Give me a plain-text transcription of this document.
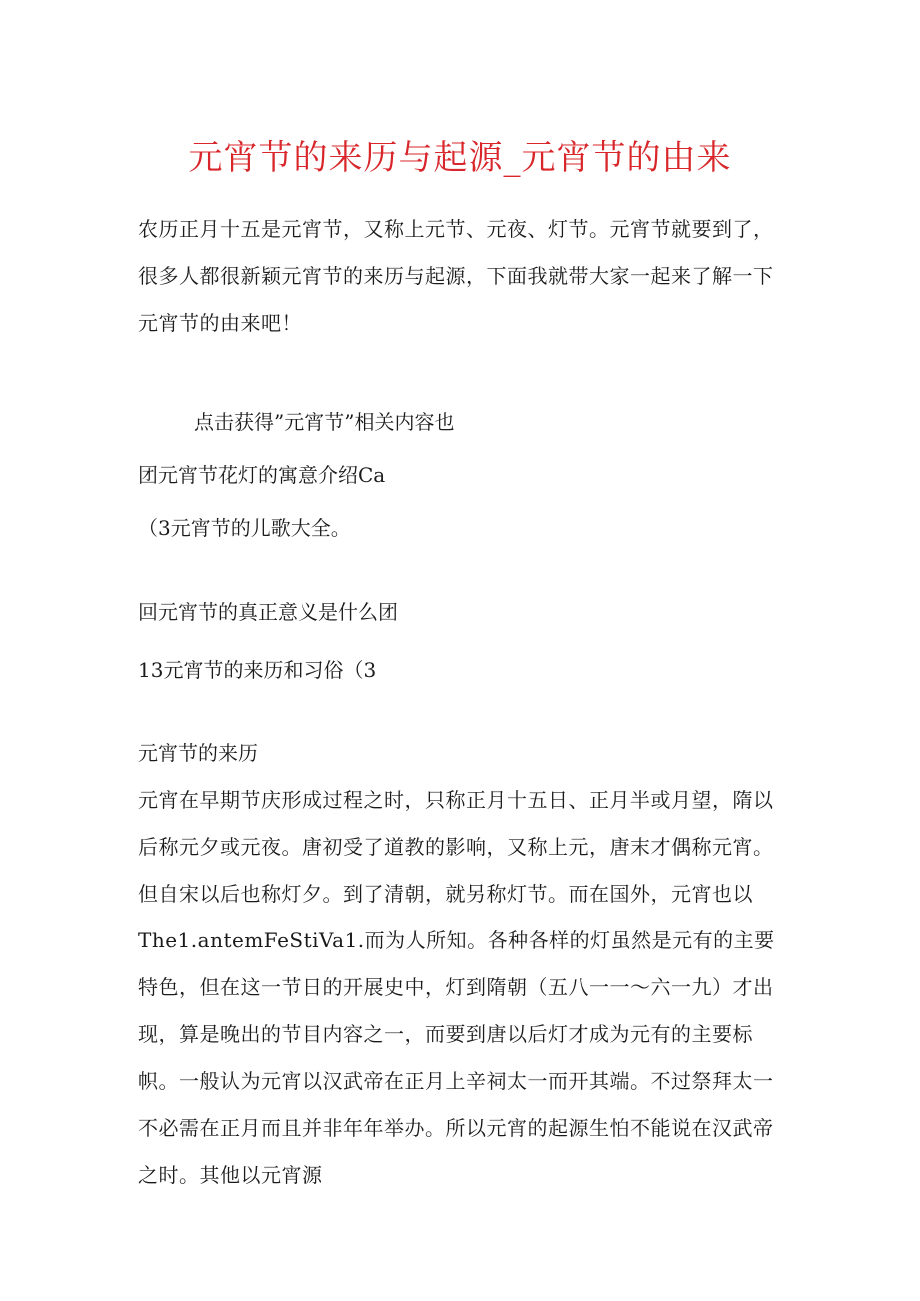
元宵节的来历与起源_元宵节的由来

农历正月十五是元宵节，又称上元节、元夜、灯节。元宵节就要到了，很多人都很新颖元宵节的来历与起源，下面我就带大家一起来了解一下元宵节的由来吧！

点击获得”元宵节”相关内容也

团元宵节花灯的寓意介绍Ca

（3元宵节的儿歌大全。

回元宵节的真正意义是什么团

13元宵节的来历和习俗（3

元宵节的来历

元宵在早期节庆形成过程之时，只称正月十五日、正月半或月望，隋以后称元夕或元夜。唐初受了道教的影响，又称上元，唐末才偶称元宵。但自宋以后也称灯夕。到了清朝，就另称灯节。而在国外，元宵也以

The1.antemFeStiVa1.而为人所知。各种各样的灯虽然是元有的主要特色，但在这一节日的开展史中，灯到隋朝（五八一一～六一九）才出现，算是晚出的节目内容之一，而要到唐以后灯才成为元有的主要标帜。一般认为元宵以汉武帝在正月上辛祠太一而开其端。不过祭拜太一不必需在正月而且并非年年举办。所以元宵的起源生怕不能说在汉武帝之时。其他以元宵源
